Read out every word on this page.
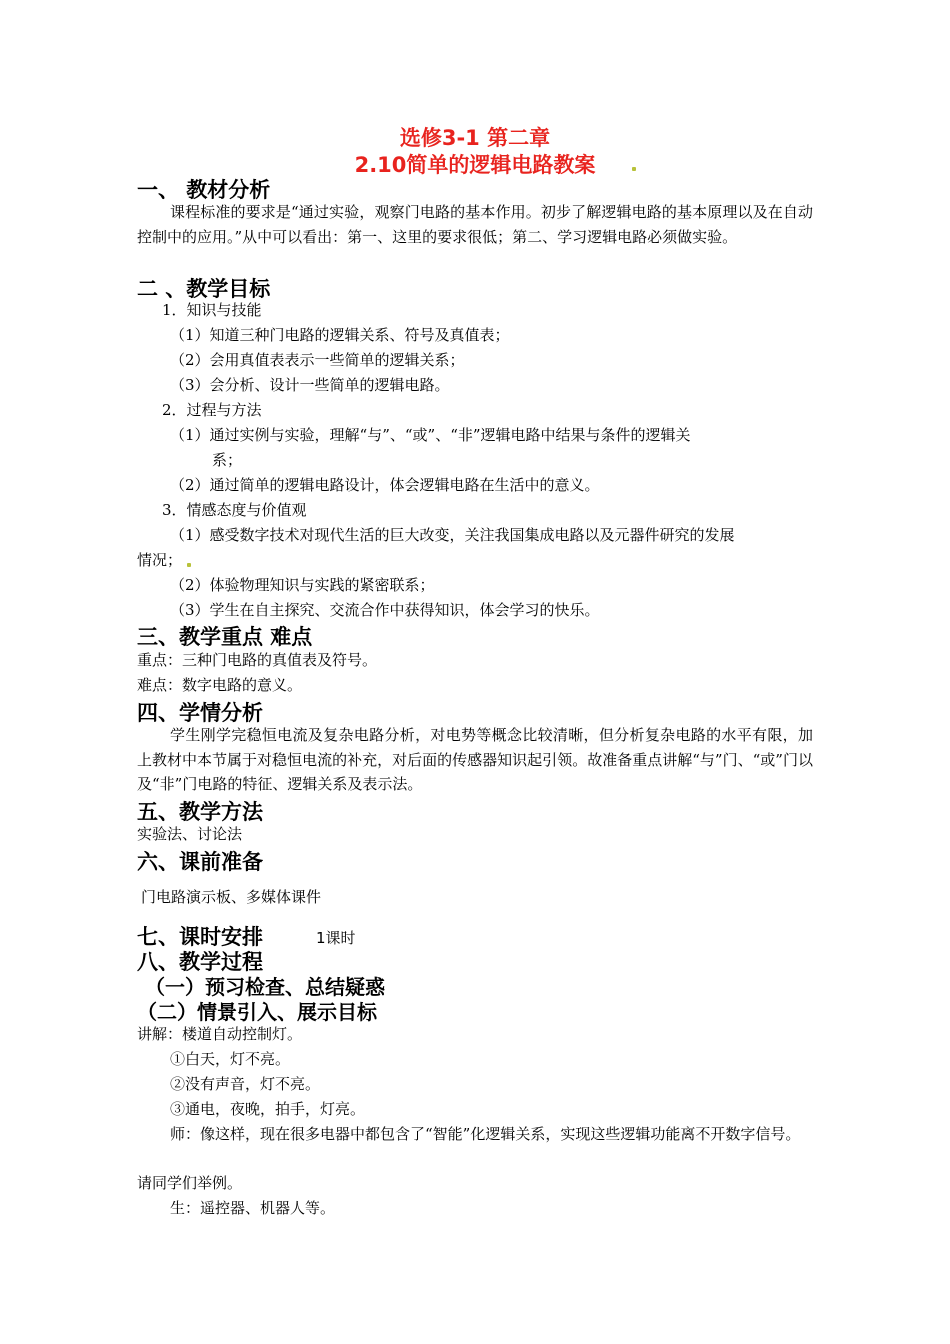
选修3-1 第二章
2.10简单的逻辑电路教案
一、 教材分析
课程标准的要求是“通过实验，观察门电路的基本作用。初步了解逻辑电路的基本原理以及在自动控制中的应用。”从中可以看出：第一、这里的要求很低；第二、学习逻辑电路必须做实验。
二 、教学目标
1．知识与技能
（1）知道三种门电路的逻辑关系、符号及真值表；
（2）会用真值表表示一些简单的逻辑关系；
（3）会分析、设计一些简单的逻辑电路。
2．过程与方法
（1）通过实例与实验，理解“与”、“或”、“非”逻辑电路中结果与条件的逻辑关
系；
（2）通过简单的逻辑电路设计，体会逻辑电路在生活中的意义。
3．情感态度与价值观
（1）感受数字技术对现代生活的巨大改变，关注我国集成电路以及元器件研究的发展
情况；
（2）体验物理知识与实践的紧密联系；
（3）学生在自主探究、交流合作中获得知识，体会学习的快乐。
三、教学重点 难点
重点：三种门电路的真值表及符号。
难点：数字电路的意义。
四、学情分析
学生刚学完稳恒电流及复杂电路分析，对电势等概念比较清晰，但分析复杂电路的水平有限，加上教材中本节属于对稳恒电流的补充，对后面的传感器知识起引领。故准备重点讲解“与”门、“或”门以及“非”门电路的特征、逻辑关系及表示法。
五、教学方法
实验法、讨论法
六、课前准备
门电路演示板、多媒体课件
七、课时安排	1课时
八、教学过程
（一）预习检查、总结疑惑
（二）情景引入、展示目标
讲解：楼道自动控制灯。
①白天，灯不亮。
②没有声音，灯不亮。
③通电，夜晚，拍手，灯亮。
师：像这样，现在很多电器中都包含了“智能”化逻辑关系，实现这些逻辑功能离不开数字信号。
请同学们举例。
生：遥控器、机器人等。
